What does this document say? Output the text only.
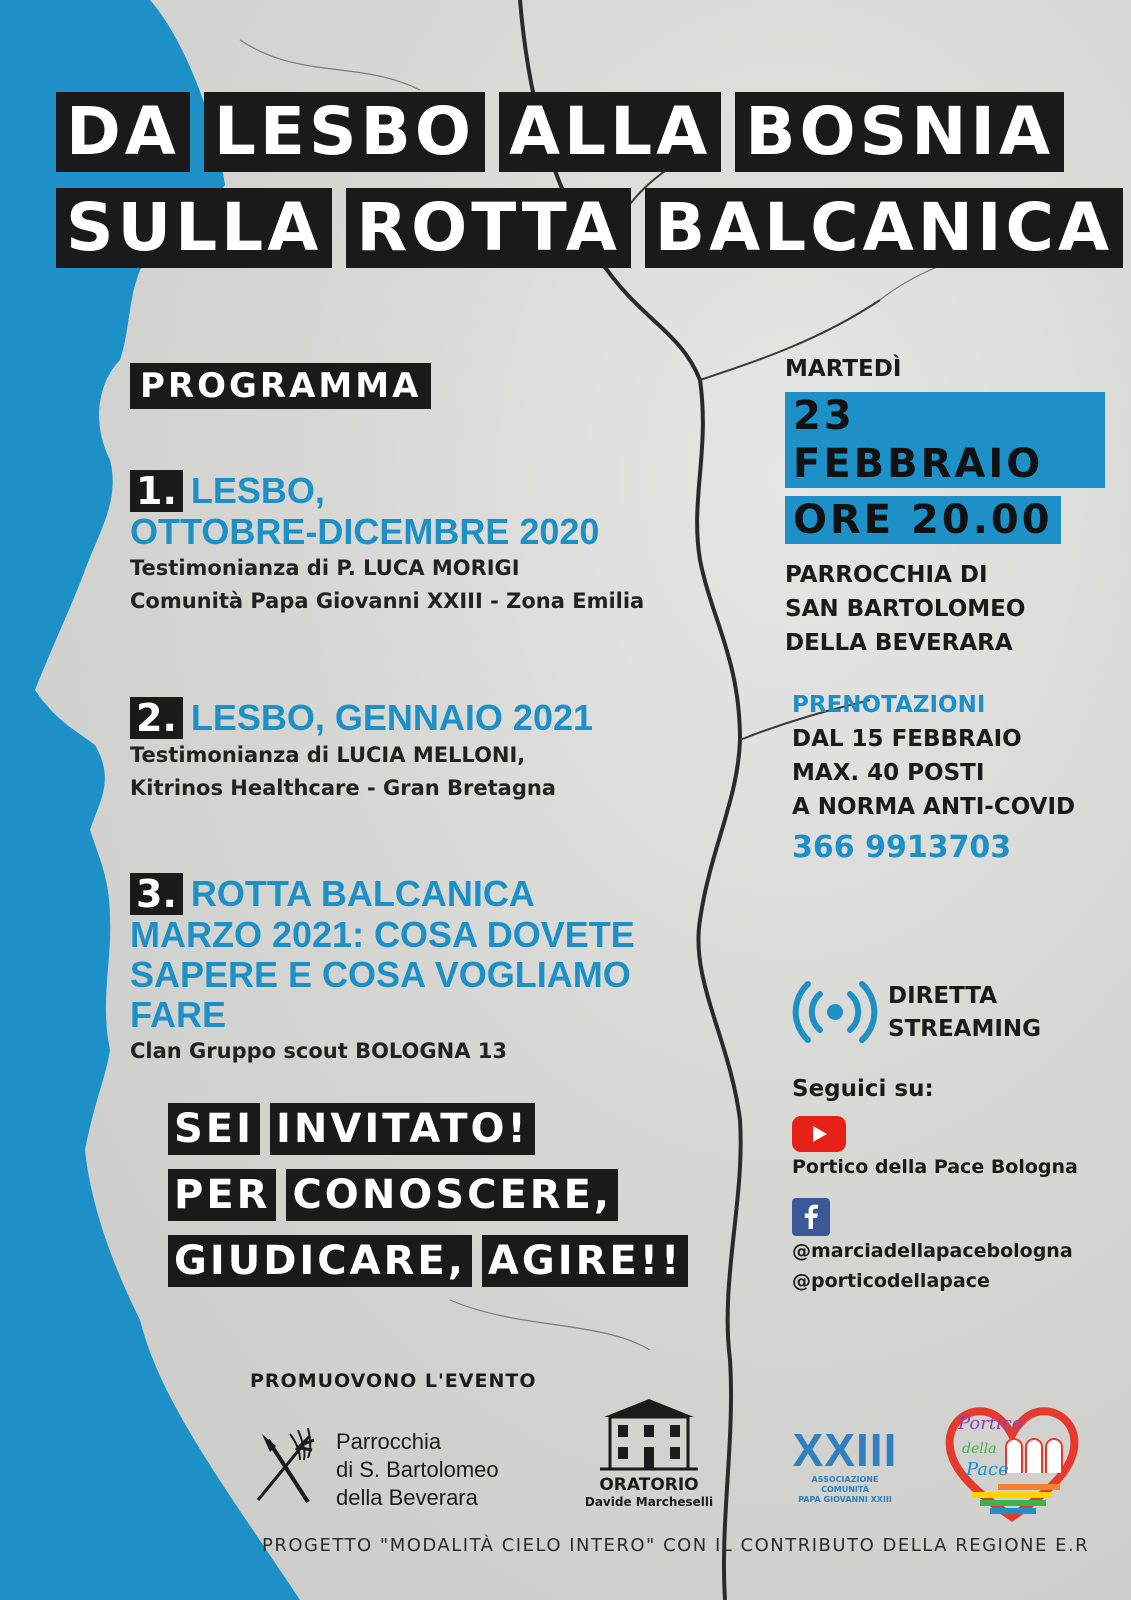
DA LESBO ALLA BOSNIA
SULLA ROTTA BALCANICA
PROGRAMMA
1. LESBO,
OTTOBRE-DICEMBRE 2020
Testimonianza di P. LUCA MORIGI
Comunità Papa Giovanni XXIII - Zona Emilia
2. LESBO, GENNAIO 2021
Testimonianza di LUCIA MELLONI,
Kitrinos Healthcare - Gran Bretagna
3. ROTTA BALCANICA
MARZO 2021: COSA DOVETE
SAPERE E COSA VOGLIAMO FARE
Clan Gruppo scout BOLOGNA 13
SEI INVITATO!
PER CONOSCERE,
GIUDICARE, AGIRE!!
MARTEDÌ
23 FEBBRAIO
ORE 20.00
PARROCCHIA DI
SAN BARTOLOMEO
DELLA BEVERARA
PRENOTAZIONI
DAL 15 FEBBRAIO
MAX. 40 POSTI
A NORMA ANTI-COVID
366 9913703
DIRETTA
STREAMING
Seguici su:
Portico della Pace Bologna
@marciadellapacebologna
@porticodellapace
PROMUOVONO L'EVENTO
Parrocchia
di S. Bartolomeo
della Beverara	ORATORIO
Davide Marcheselli
XXIII
ASSOCIAZIONE COMUNITÀ
PAPA GIOVANNI XXIII
Portico
della
Pace
PROGETTO "MODALITÀ CIELO INTERO" CON IL CONTRIBUTO DELLA REGIONE E.R
